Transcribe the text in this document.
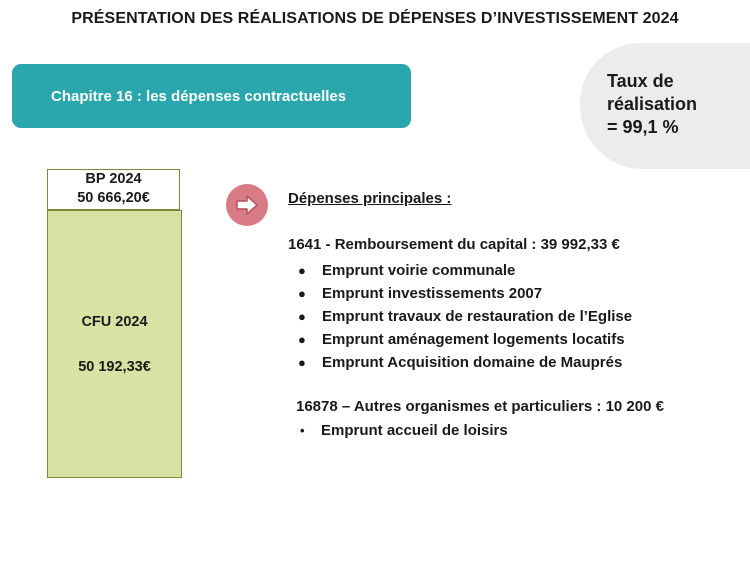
PRÉSENTATION DES RÉALISATIONS DE DÉPENSES D’INVESTISSEMENT 2024
Chapitre 16 : les dépenses contractuelles
Taux de
réalisation
= 99,1 %
BP 2024
50 666,20€
CFU 2024
50 192,33€
Dépenses principales :
1641 - Remboursement du capital : 39 992,33 €
● Emprunt voirie communale
● Emprunt investissements 2007
● Emprunt travaux de restauration de l’Eglise
● Emprunt aménagement logements locatifs
● Emprunt Acquisition domaine de Mauprés
16878 – Autres organismes et particuliers : 10 200 €
• Emprunt accueil de loisirs
